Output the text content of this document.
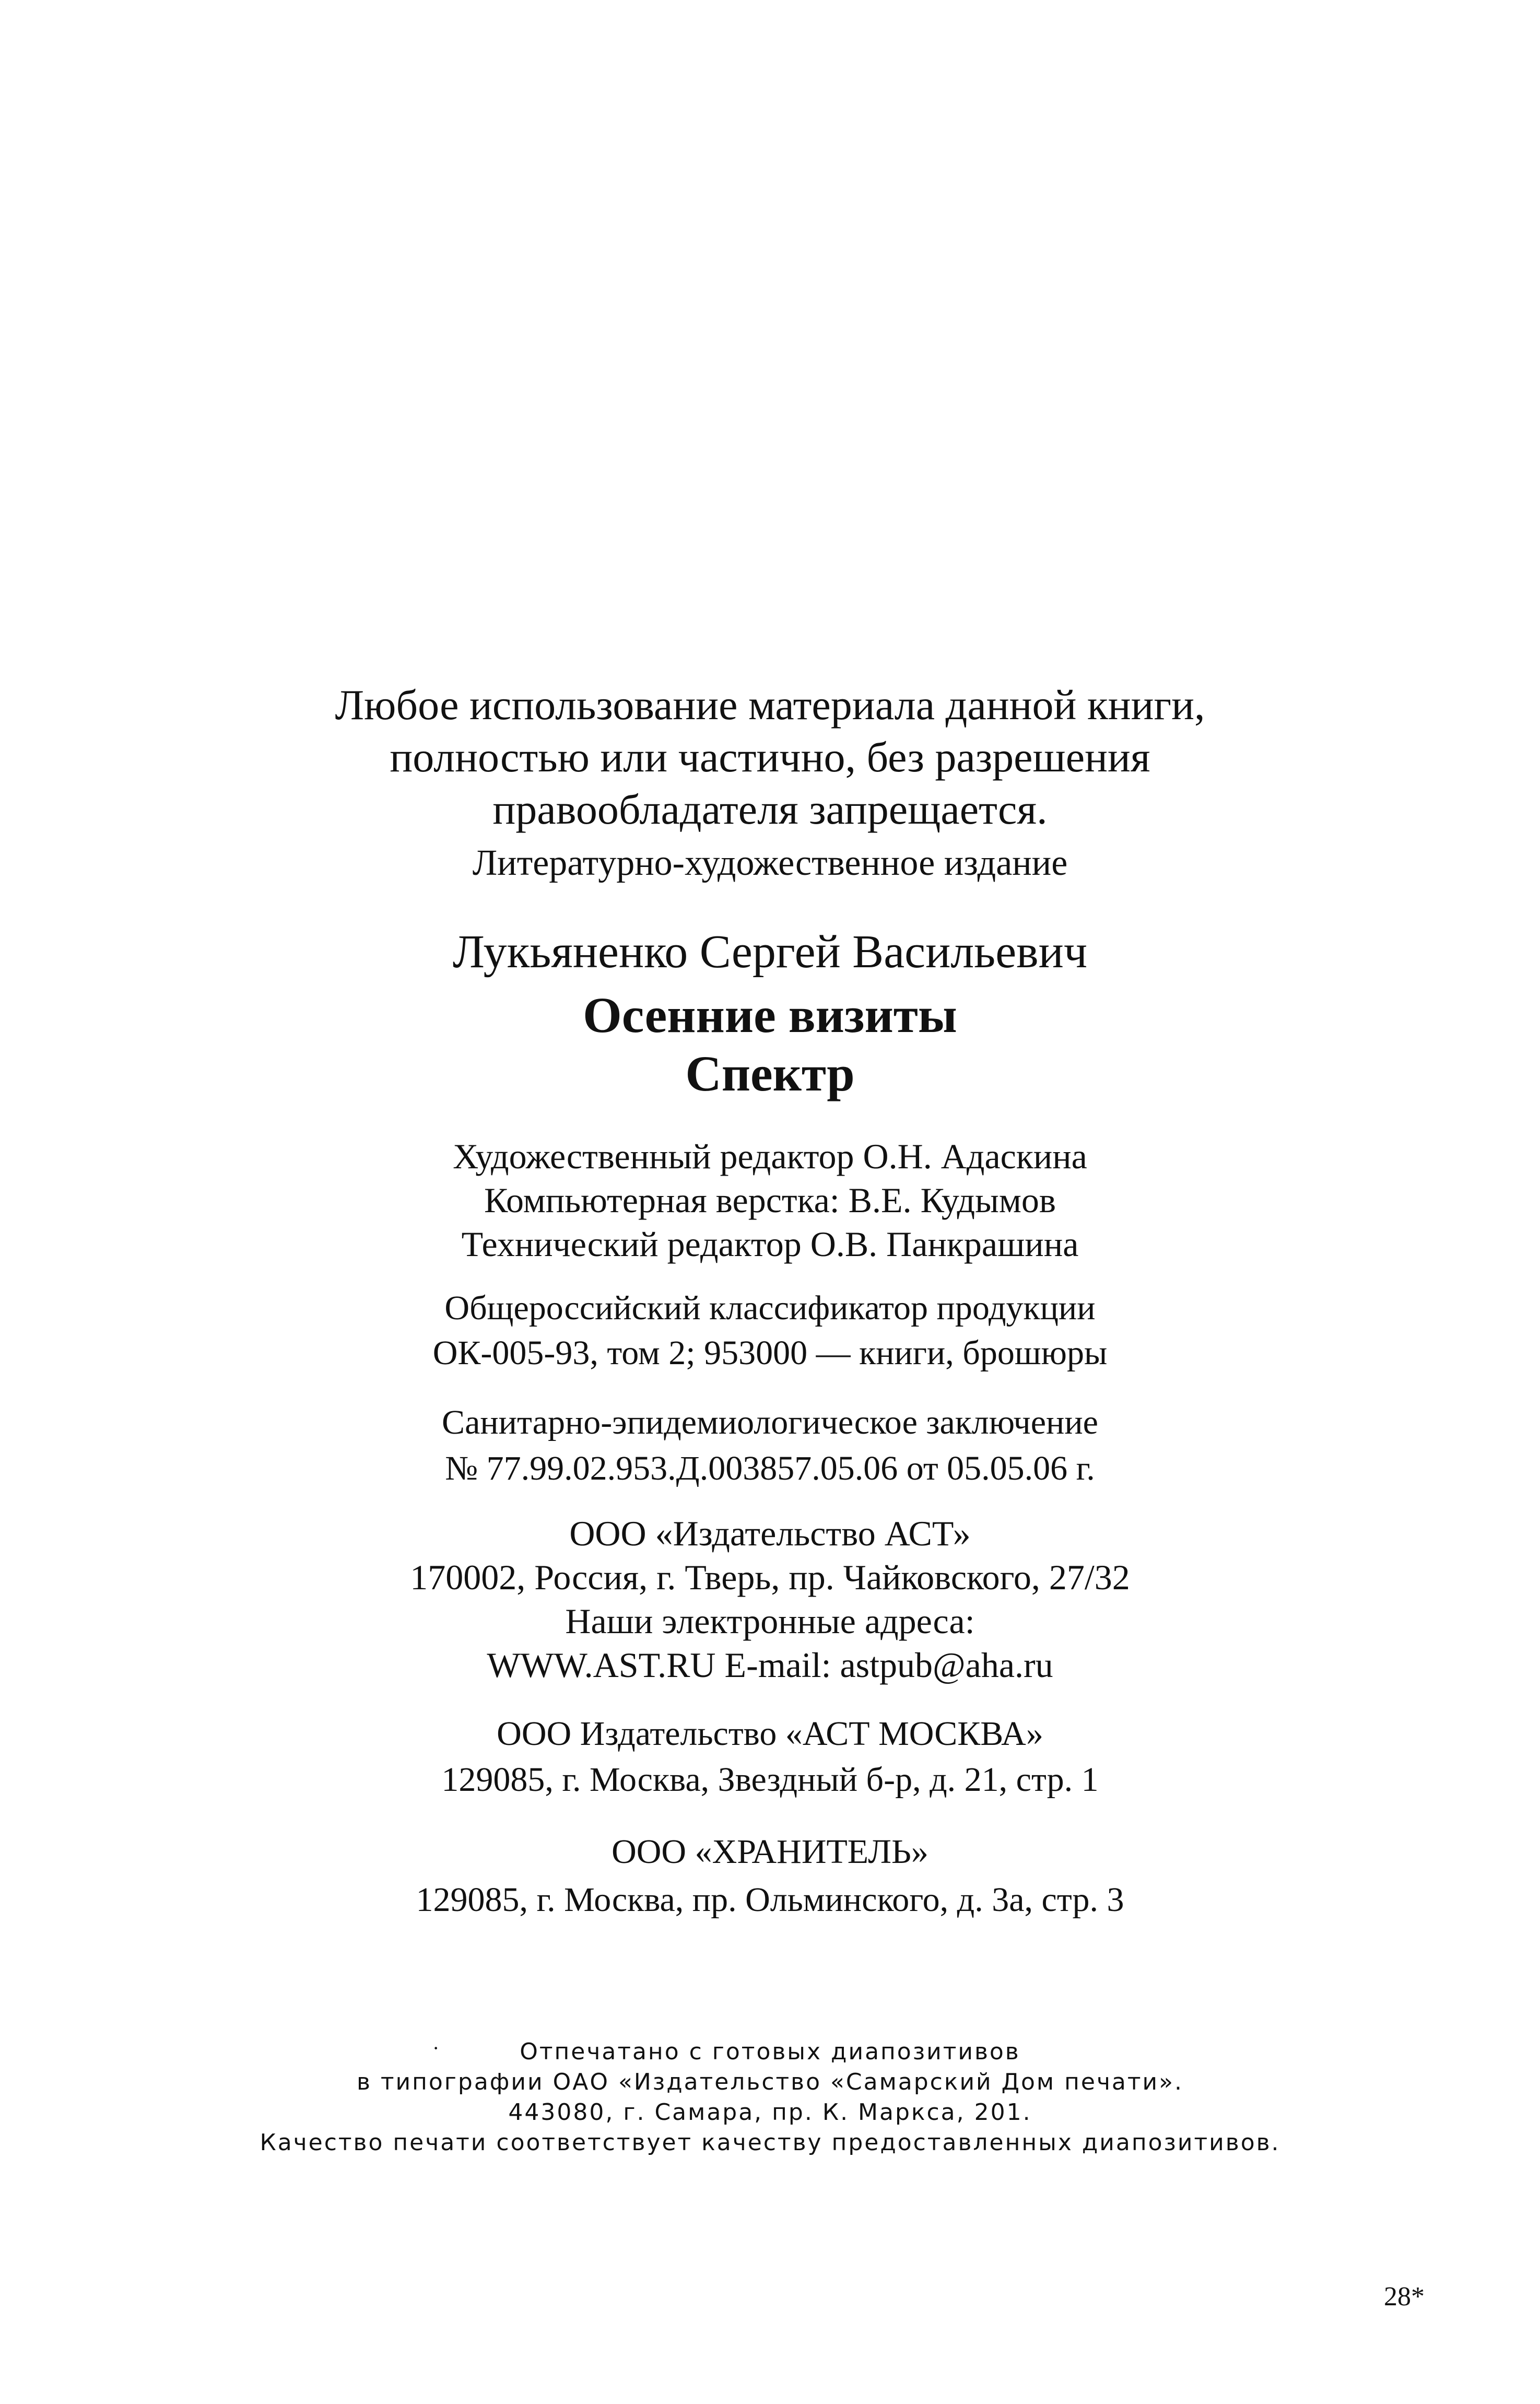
Любое использование материала данной книги,
полностью или частично, без разрешения
правообладателя запрещается.
Литературно-художественное издание
Лукьяненко Сергей Васильевич
Осенние визиты
Спектр
Художественный редактор О.Н. Адаскина
Компьютерная верстка: В.Е. Кудымов
Технический редактор О.В. Панкрашина
Общероссийский классификатор продукции
ОК-005-93, том 2; 953000 — книги, брошюры
Санитарно-эпидемиологическое заключение
№ 77.99.02.953.Д.003857.05.06 от 05.05.06 г.
ООО «Издательство АСТ»
170002, Россия, г. Тверь, пр. Чайковского, 27/32
Наши электронные адреса:
WWW.AST.RU E-mail: astpub@aha.ru
ООО Издательство «АСТ МОСКВА»
129085, г. Москва, Звездный б-р, д. 21, стр. 1
ООО «ХРАНИТЕЛЬ»
129085, г. Москва, пр. Ольминского, д. 3а, стр. 3
·	Отпечатано с готовых диапозитивов
в типографии ОАО «Издательство «Самарский Дом печати».
443080, г. Самара, пр. К. Маркса, 201.
Качество печати соответствует качеству предоставленных диапозитивов.
28*
